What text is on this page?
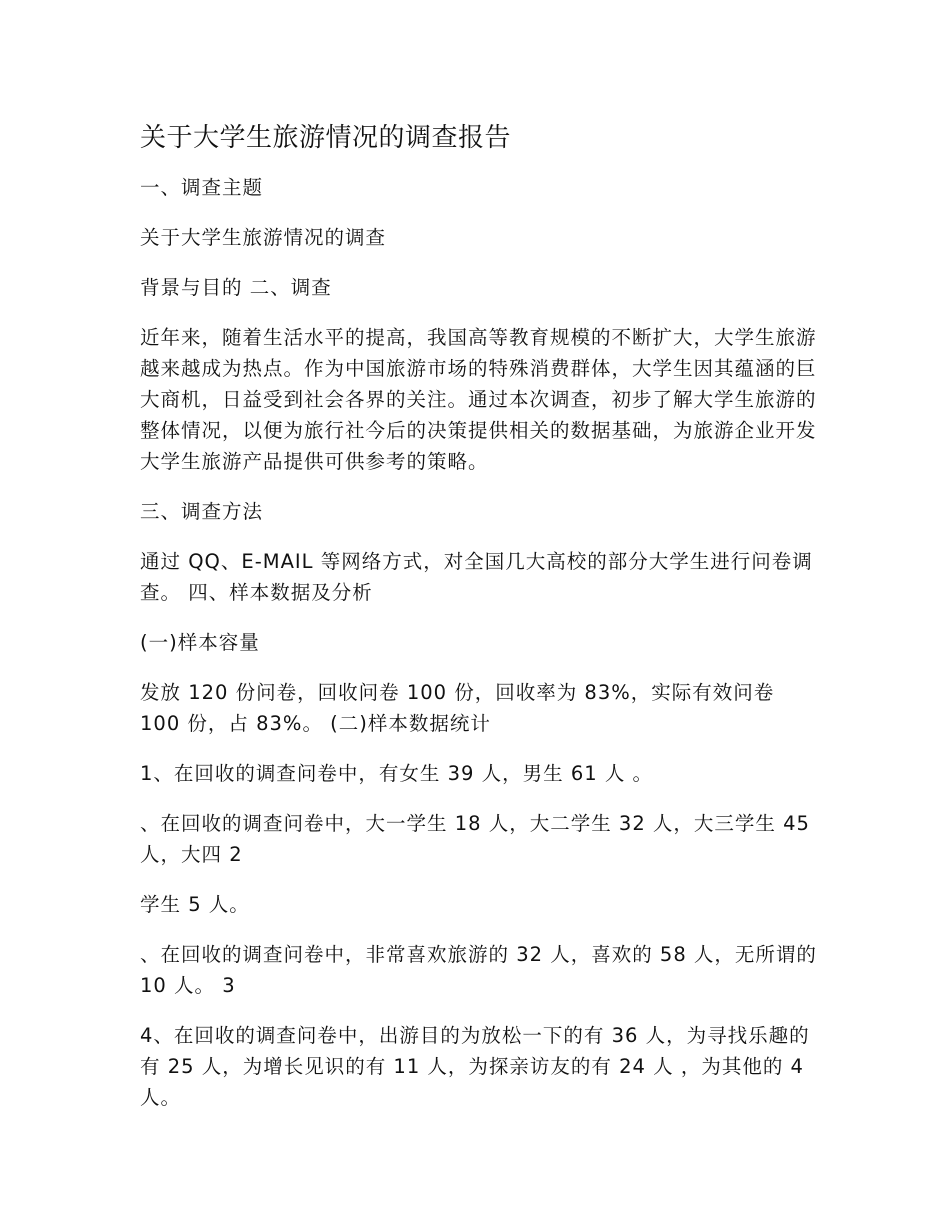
关于大学生旅游情况的调查报告

一、调查主题

关于大学生旅游情况的调查

背景与目的 二、调查

近年来，随着生活水平的提高，我国高等教育规模的不断扩大，大学生旅游越来越成为热点。作为中国旅游市场的特殊消费群体，大学生因其蕴涵的巨大商机，日益受到社会各界的关注。通过本次调查，初步了解大学生旅游的整体情况，以便为旅行社今后的决策提供相关的数据基础，为旅游企业开发大学生旅游产品提供可供参考的策略。

三、调查方法

通过 QQ、E-MAIL 等网络方式，对全国几大高校的部分大学生进行问卷调查。 四、样本数据及分析

(一)样本容量

发放 120 份问卷，回收问卷 100 份，回收率为 83%，实际有效问卷 100 份，占 83%。 (二)样本数据统计

1、在回收的调查问卷中，有女生 39 人，男生 61 人 。

、在回收的调查问卷中，大一学生 18 人，大二学生 32 人，大三学生 45 人，大四 2

学生 5 人。

、在回收的调查问卷中，非常喜欢旅游的 32 人，喜欢的 58 人，无所谓的 10 人。 3

4、在回收的调查问卷中，出游目的为放松一下的有 36 人，为寻找乐趣的有 25 人，为增长见识的有 11 人，为探亲访友的有 24 人 ，为其他的 4 人。
